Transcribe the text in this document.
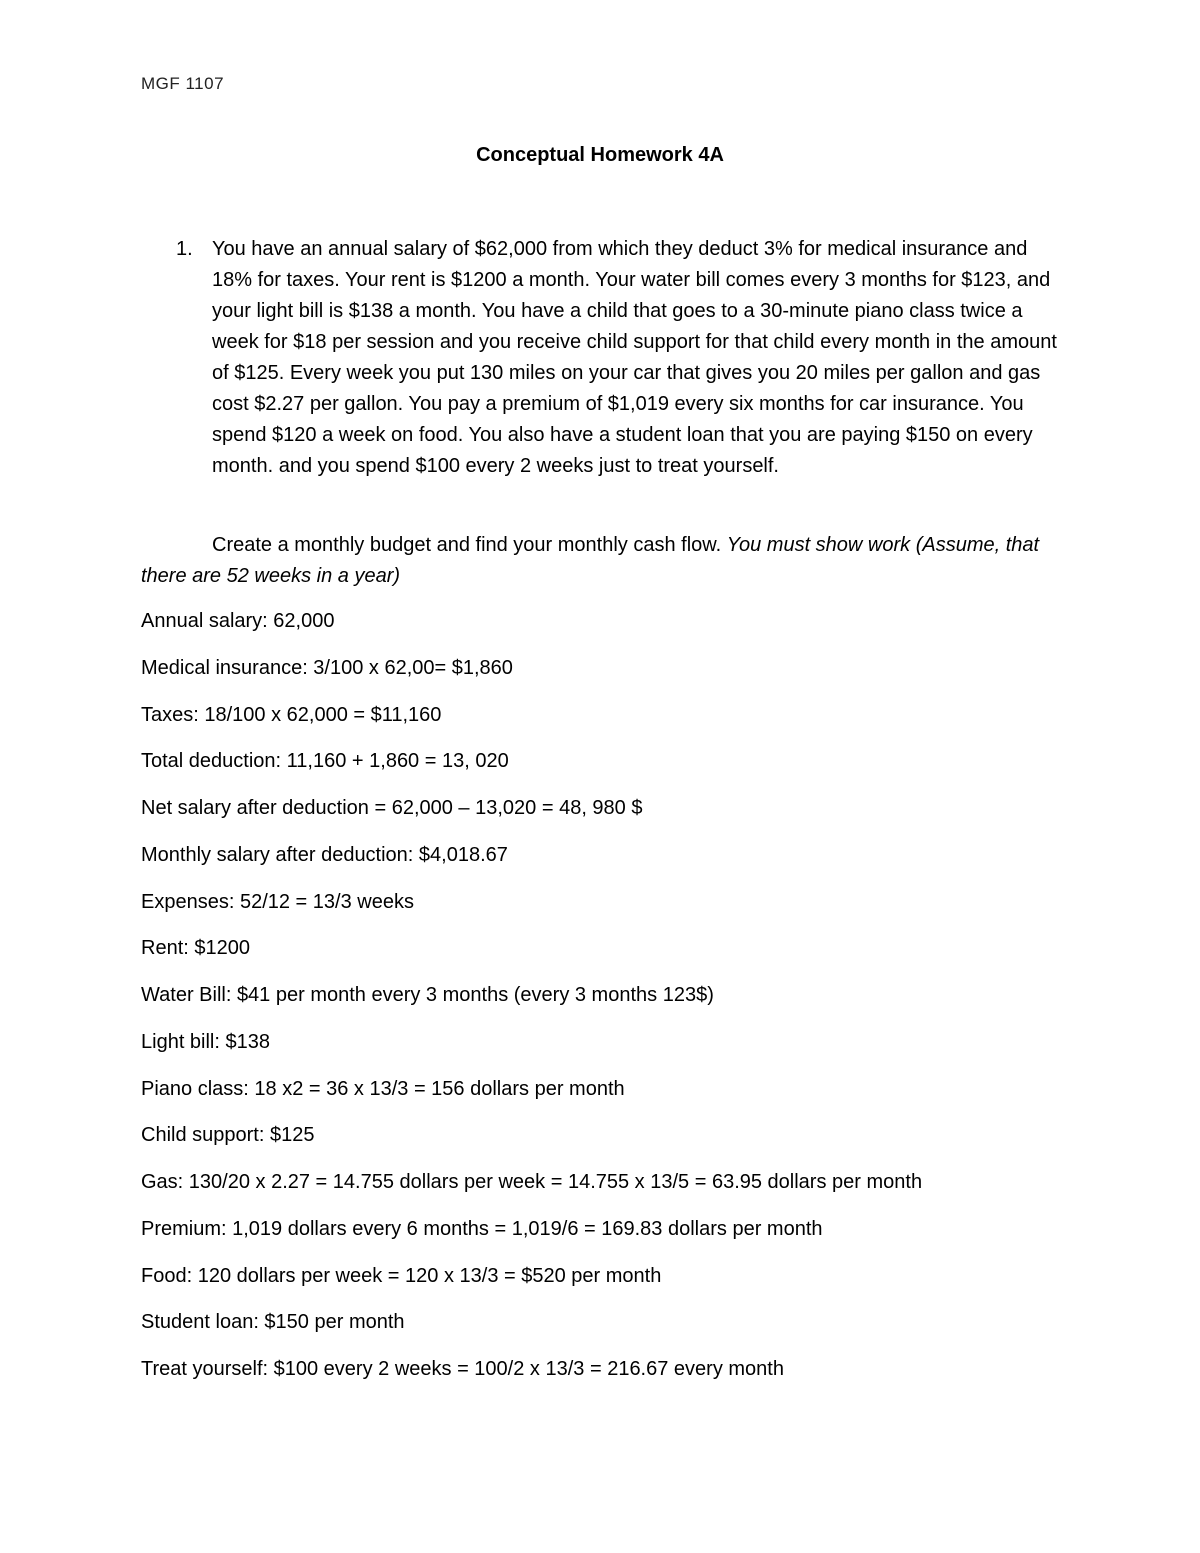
MGF 1107
Conceptual Homework 4A
1. You have an annual salary of $62,000 from which they deduct 3% for medical insurance and 18% for taxes. Your rent is $1200 a month. Your water bill comes every 3 months for $123, and your light bill is $138 a month. You have a child that goes to a 30-minute piano class twice a week for $18 per session and you receive child support for that child every month in the amount of $125. Every week you put 130 miles on your car that gives you 20 miles per gallon and gas cost $2.27 per gallon. You pay a premium of $1,019 every six months for car insurance. You spend $120 a week on food. You also have a student loan that you are paying $150 on every month. and you spend $100 every 2 weeks just to treat yourself.
Create a monthly budget and find your monthly cash flow. You must show work (Assume, that there are 52 weeks in a year)
Annual salary: 62,000
Medical insurance: 3/100 x 62,00= $1,860
Taxes: 18/100 x 62,000 = $11,160
Total deduction: 11,160 + 1,860 = 13, 020
Net salary after deduction = 62,000 – 13,020 = 48, 980 $
Monthly salary after deduction: $4,018.67
Expenses: 52/12 = 13/3 weeks
Rent: $1200
Water Bill: $41 per month every 3 months (every 3 months 123$)
Light bill: $138
Piano class: 18 x2 = 36 x 13/3 = 156 dollars per month
Child support: $125
Gas: 130/20 x 2.27 = 14.755 dollars per week = 14.755 x 13/5 = 63.95 dollars per month
Premium: 1,019 dollars every 6 months = 1,019/6 = 169.83 dollars per month
Food: 120 dollars per week = 120 x 13/3 = $520 per month
Student loan: $150 per month
Treat yourself: $100 every 2 weeks = 100/2 x 13/3 = 216.67 every month
